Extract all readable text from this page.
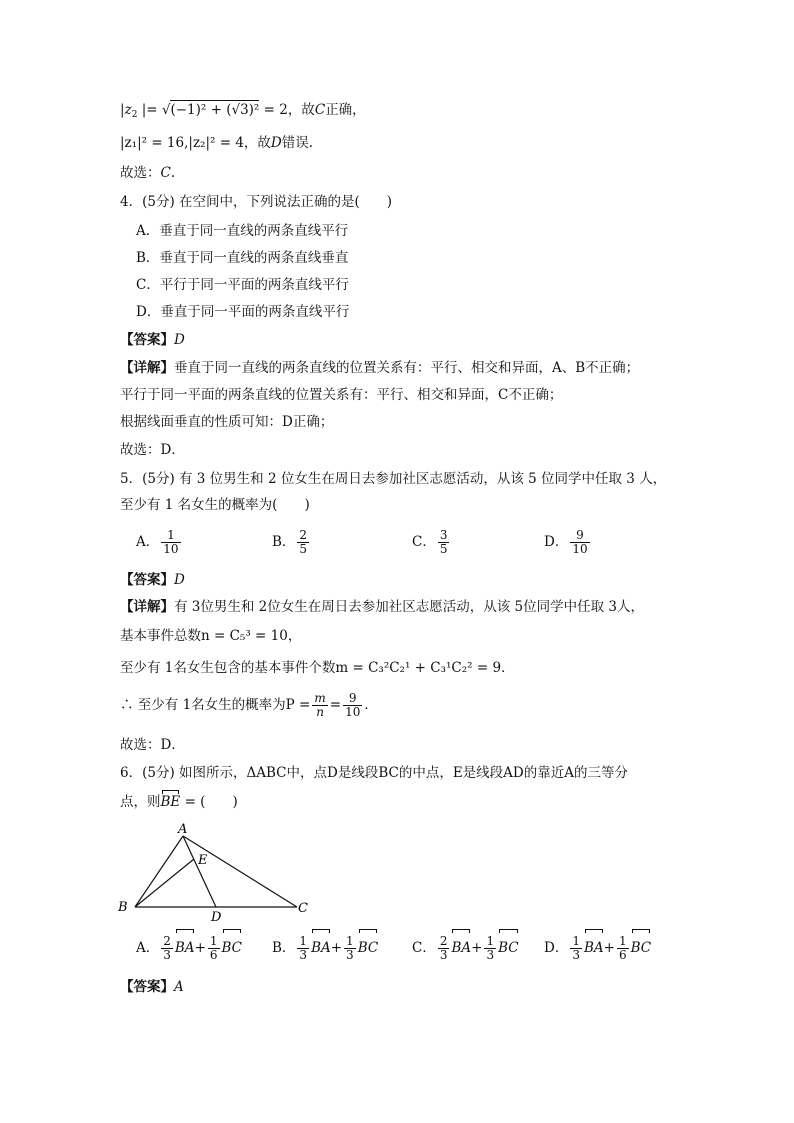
$|z_2$ |= √(−1)² + (√3)² = 2，故C正确，
|z₁|² = 16,|z₂|² = 4，故D错误.
故选：C.
4．(5分) 在空间中，下列说法正确的是(　　)
A．垂直于同一直线的两条直线平行
B．垂直于同一直线的两条直线垂直
C．平行于同一平面的两条直线平行
D．垂直于同一平面的两条直线平行
【答案】D
【详解】垂直于同一直线的两条直线的位置关系有：平行、相交和异面，A、B不正确；
平行于同一平面的两条直线的位置关系有：平行、相交和异面，C不正确；
根据线面垂直的性质可知：D正确；
故选：D．
5．(5分) 有 3 位男生和 2 位女生在周日去参加社区志愿活动，从该 5 位同学中任取 3 人，
至少有 1 名女生的概率为(　　)
A． $\frac{1}{10}$	B． $\frac{2}{5}$	C． $\frac{3}{5}$	D． $\frac{9}{10}$
【答案】D
【详解】有 3位男生和 2位女生在周日去参加社区志愿活动，从该 5位同学中任取 3人，
基本事件总数n = C₅³ = 10，
至少有 1名女生包含的基本事件个数m = C₃²C₂¹ + C₃¹C₂² = 9．
∴ 至少有 1名女生的概率为$P = \frac{m}{n} = \frac{9}{10}$ ．
故选：D．
6．(5分) 如图所示，ΔABC中，点D是线段BC的中点，E是线段AD的靠近A的三等分
点，则BE = (　　)
A
B	C
D
E
A． $\frac{2}{3} BA+ \frac{1}{6}$ BC B． $\frac{1}{3} BA+ \frac{1}{3}$ BC	C． $\frac{2}{3} BA+ \frac{1}{3}$ BC D． $\frac{1}{3} BA+ \frac{1}{6}$ BC
【答案】A
